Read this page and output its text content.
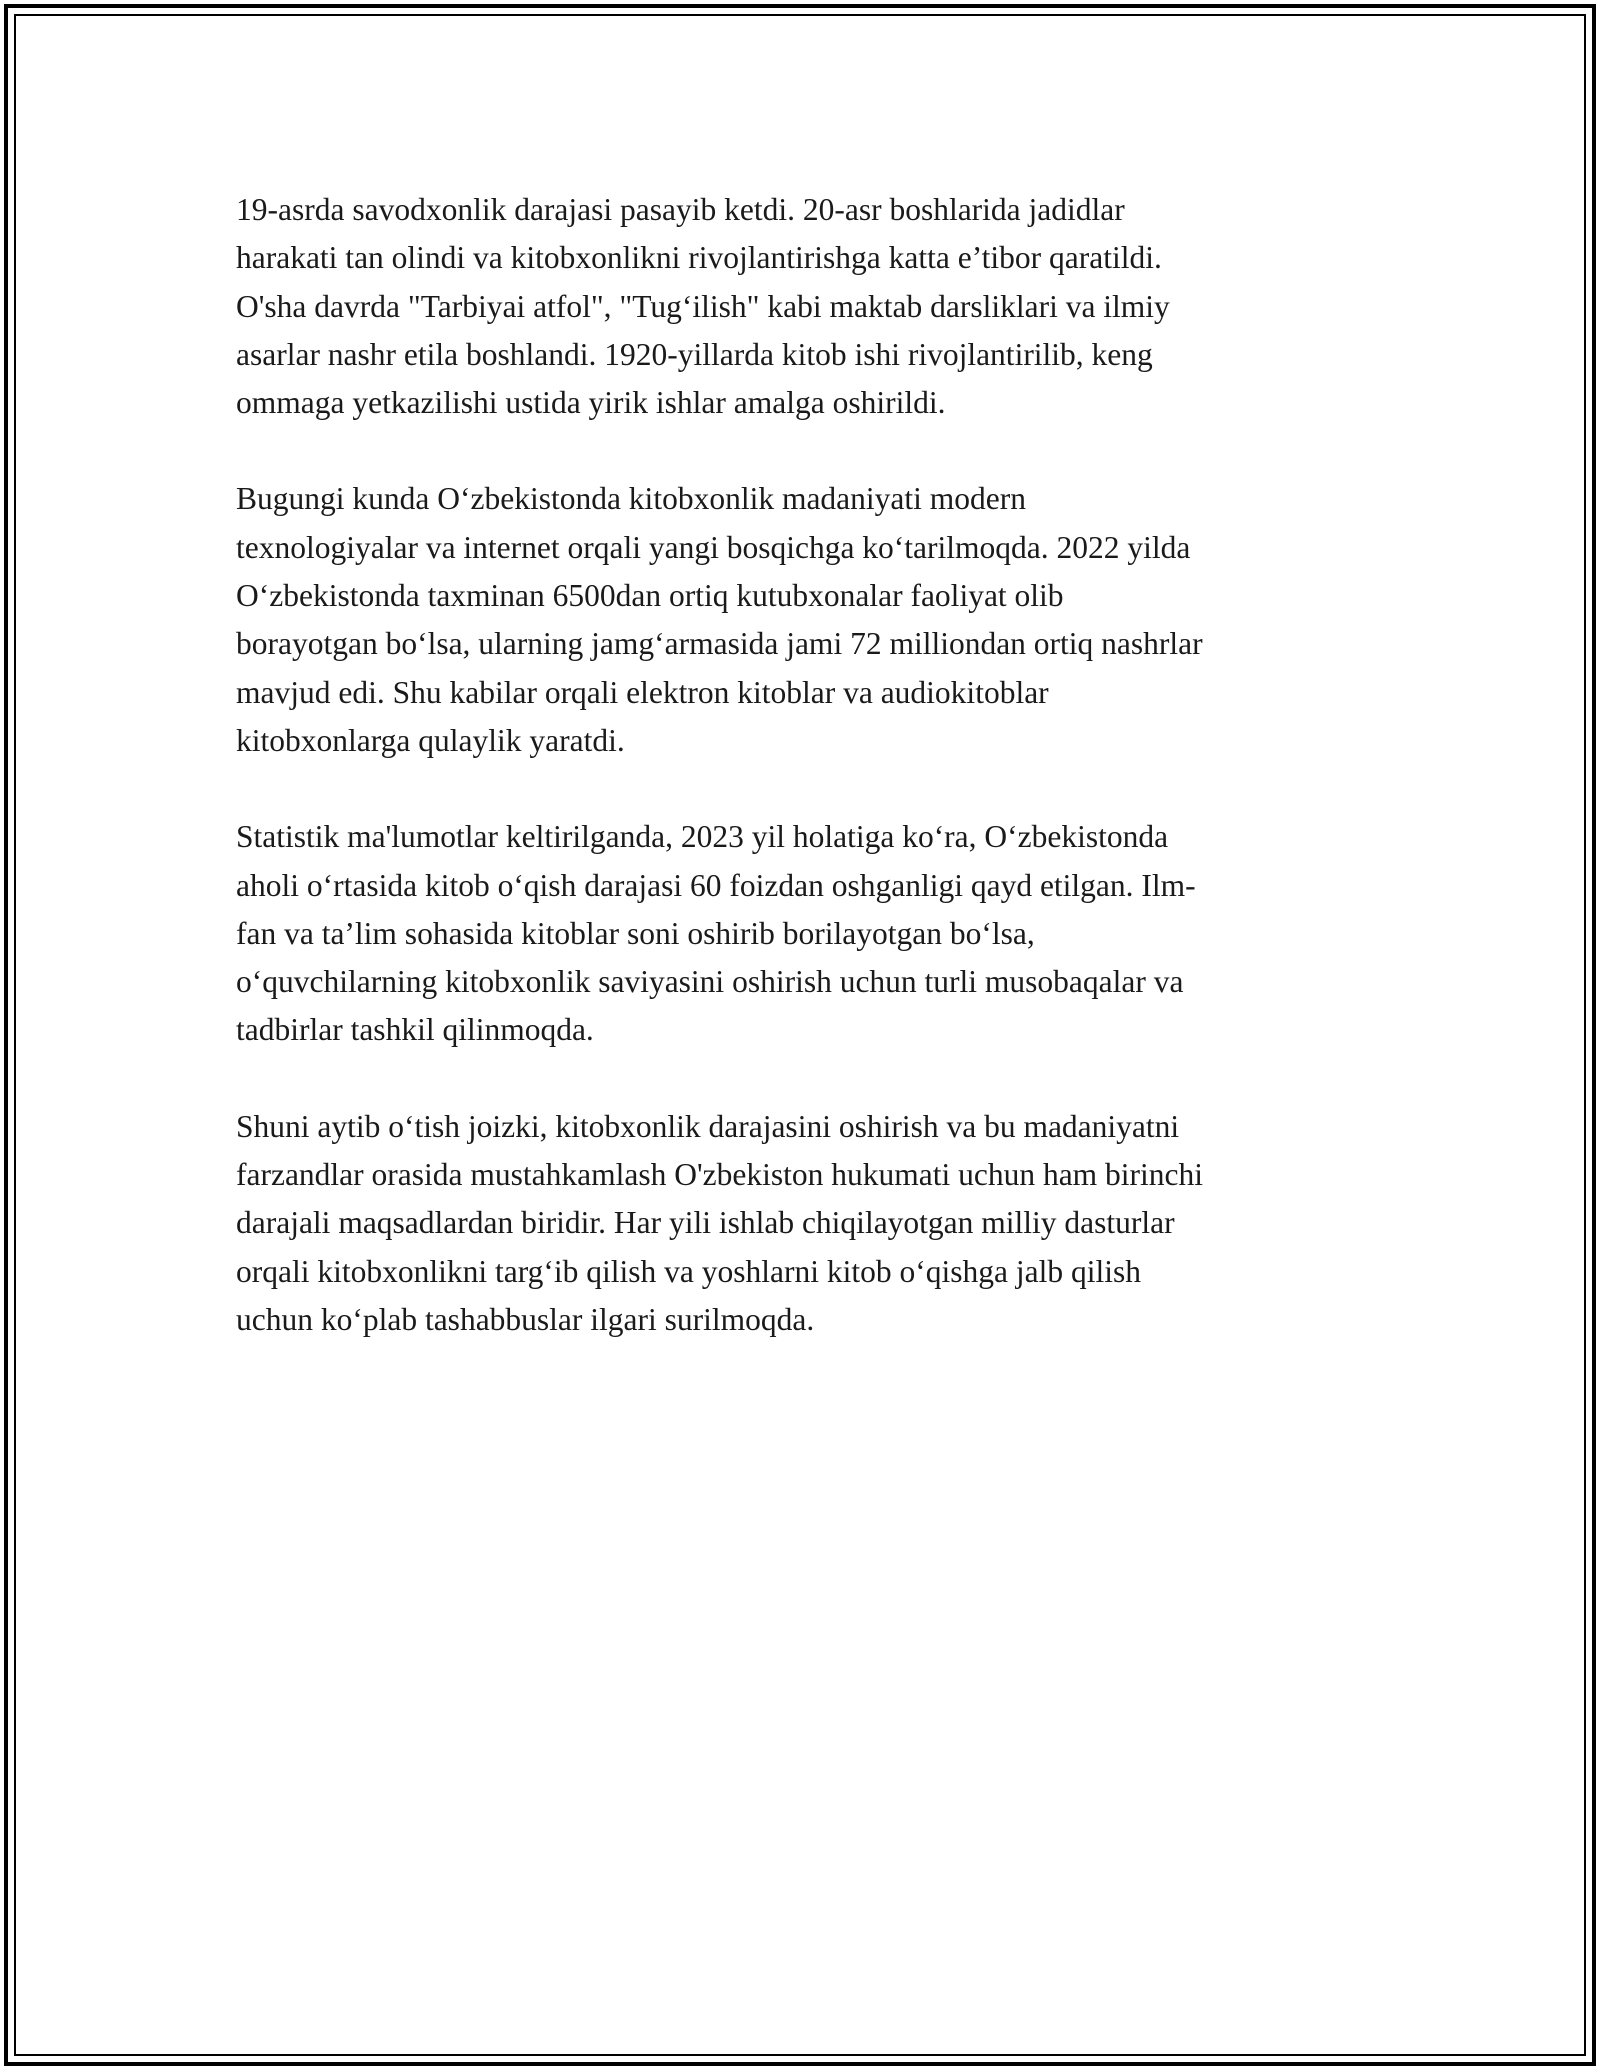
19-asrda savodxonlik darajasi pasayib ketdi. 20-asr boshlarida jadidlar
harakati tan olindi va kitobxonlikni rivojlantirishga katta e’tibor qaratildi.
O'sha davrda "Tarbiyai atfol", "Tug‘ilish" kabi maktab darsliklari va ilmiy
asarlar nashr etila boshlandi. 1920-yillarda kitob ishi rivojlantirilib, keng
ommaga yetkazilishi ustida yirik ishlar amalga oshirildi.

Bugungi kunda O‘zbekistonda kitobxonlik madaniyati modern
texnologiyalar va internet orqali yangi bosqichga ko‘tarilmoqda. 2022 yilda
O‘zbekistonda taxminan 6500dan ortiq kutubxonalar faoliyat olib
borayotgan bo‘lsa, ularning jamg‘armasida jami 72 milliondan ortiq nashrlar
mavjud edi. Shu kabilar orqali elektron kitoblar va audiokitoblar
kitobxonlarga qulaylik yaratdi.

Statistik ma'lumotlar keltirilganda, 2023 yil holatiga ko‘ra, O‘zbekistonda
aholi o‘rtasida kitob o‘qish darajasi 60 foizdan oshganligi qayd etilgan. Ilm-
fan va ta’lim sohasida kitoblar soni oshirib borilayotgan bo‘lsa,
o‘quvchilarning kitobxonlik saviyasini oshirish uchun turli musobaqalar va
tadbirlar tashkil qilinmoqda.

Shuni aytib o‘tish joizki, kitobxonlik darajasini oshirish va bu madaniyatni
farzandlar orasida mustahkamlash O'zbekiston hukumati uchun ham birinchi
darajali maqsadlardan biridir. Har yili ishlab chiqilayotgan milliy dasturlar
orqali kitobxonlikni targ‘ib qilish va yoshlarni kitob o‘qishga jalb qilish
uchun ko‘plab tashabbuslar ilgari surilmoqda.
